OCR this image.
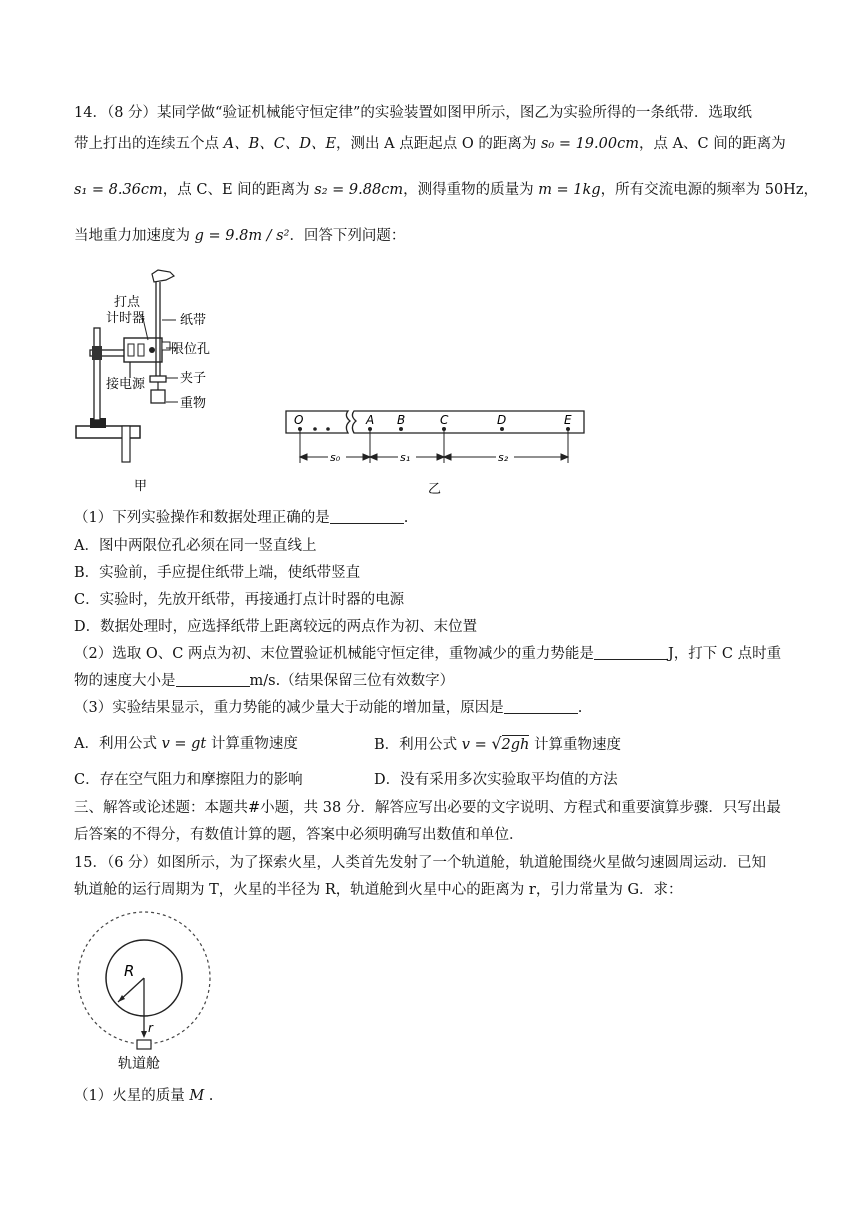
14．（8 分）某同学做“验证机械能守恒定律”的实验装置如图甲所示，图乙为实验所得的一条纸带．选取纸
带上打出的连续五个点 A、B、C、D、E，测出 A 点距起点 O 的距离为 s₀ = 19.00cm，点 A、C 间的距离为
s₁ = 8.36cm，点 C、E 间的距离为 s₂ = 9.88cm，测得重物的质量为 m = 1kg，所有交流电源的频率为 50Hz，
当地重力加速度为 g = 9.8m / s²．回答下列问题：
打点
计时器	纸带
限位孔
接电源	夹子
重物
甲
O	A B	C	D	E
s₀	s₁	s₂
乙
（1）下列实验操作和数据处理正确的是	.
A．图中两限位孔必须在同一竖直线上
B．实验前，手应提住纸带上端，使纸带竖直
C．实验时，先放开纸带，再接通打点计时器的电源
D．数据处理时，应选择纸带上距离较远的两点作为初、末位置
（2）选取 O、C 两点为初、末位置验证机械能守恒定律，重物减少的重力势能是	J，打下 C 点时重
物的速度大小是	m/s.（结果保留三位有效数字）
（3）实验结果显示，重力势能的减少量大于动能的增加量，原因是	.
A．利用公式 v = gt 计算重物速度	B．利用公式 v = √2gh 计算重物速度
C．存在空气阻力和摩擦阻力的影响	D．没有采用多次实验取平均值的方法
三、解答或论述题：本题共#小题，共 38 分．解答应写出必要的文字说明、方程式和重要演算步骤．只写出最
后答案的不得分，有数值计算的题，答案中必须明确写出数值和单位．
15．（6 分）如图所示，为了探索火星，人类首先发射了一个轨道舱，轨道舱围绕火星做匀速圆周运动．已知
轨道舱的运行周期为 T，火星的半径为 R，轨道舱到火星中心的距离为 r，引力常量为 G．求：
R
r
轨道舱
（1）火星的质量 M .
